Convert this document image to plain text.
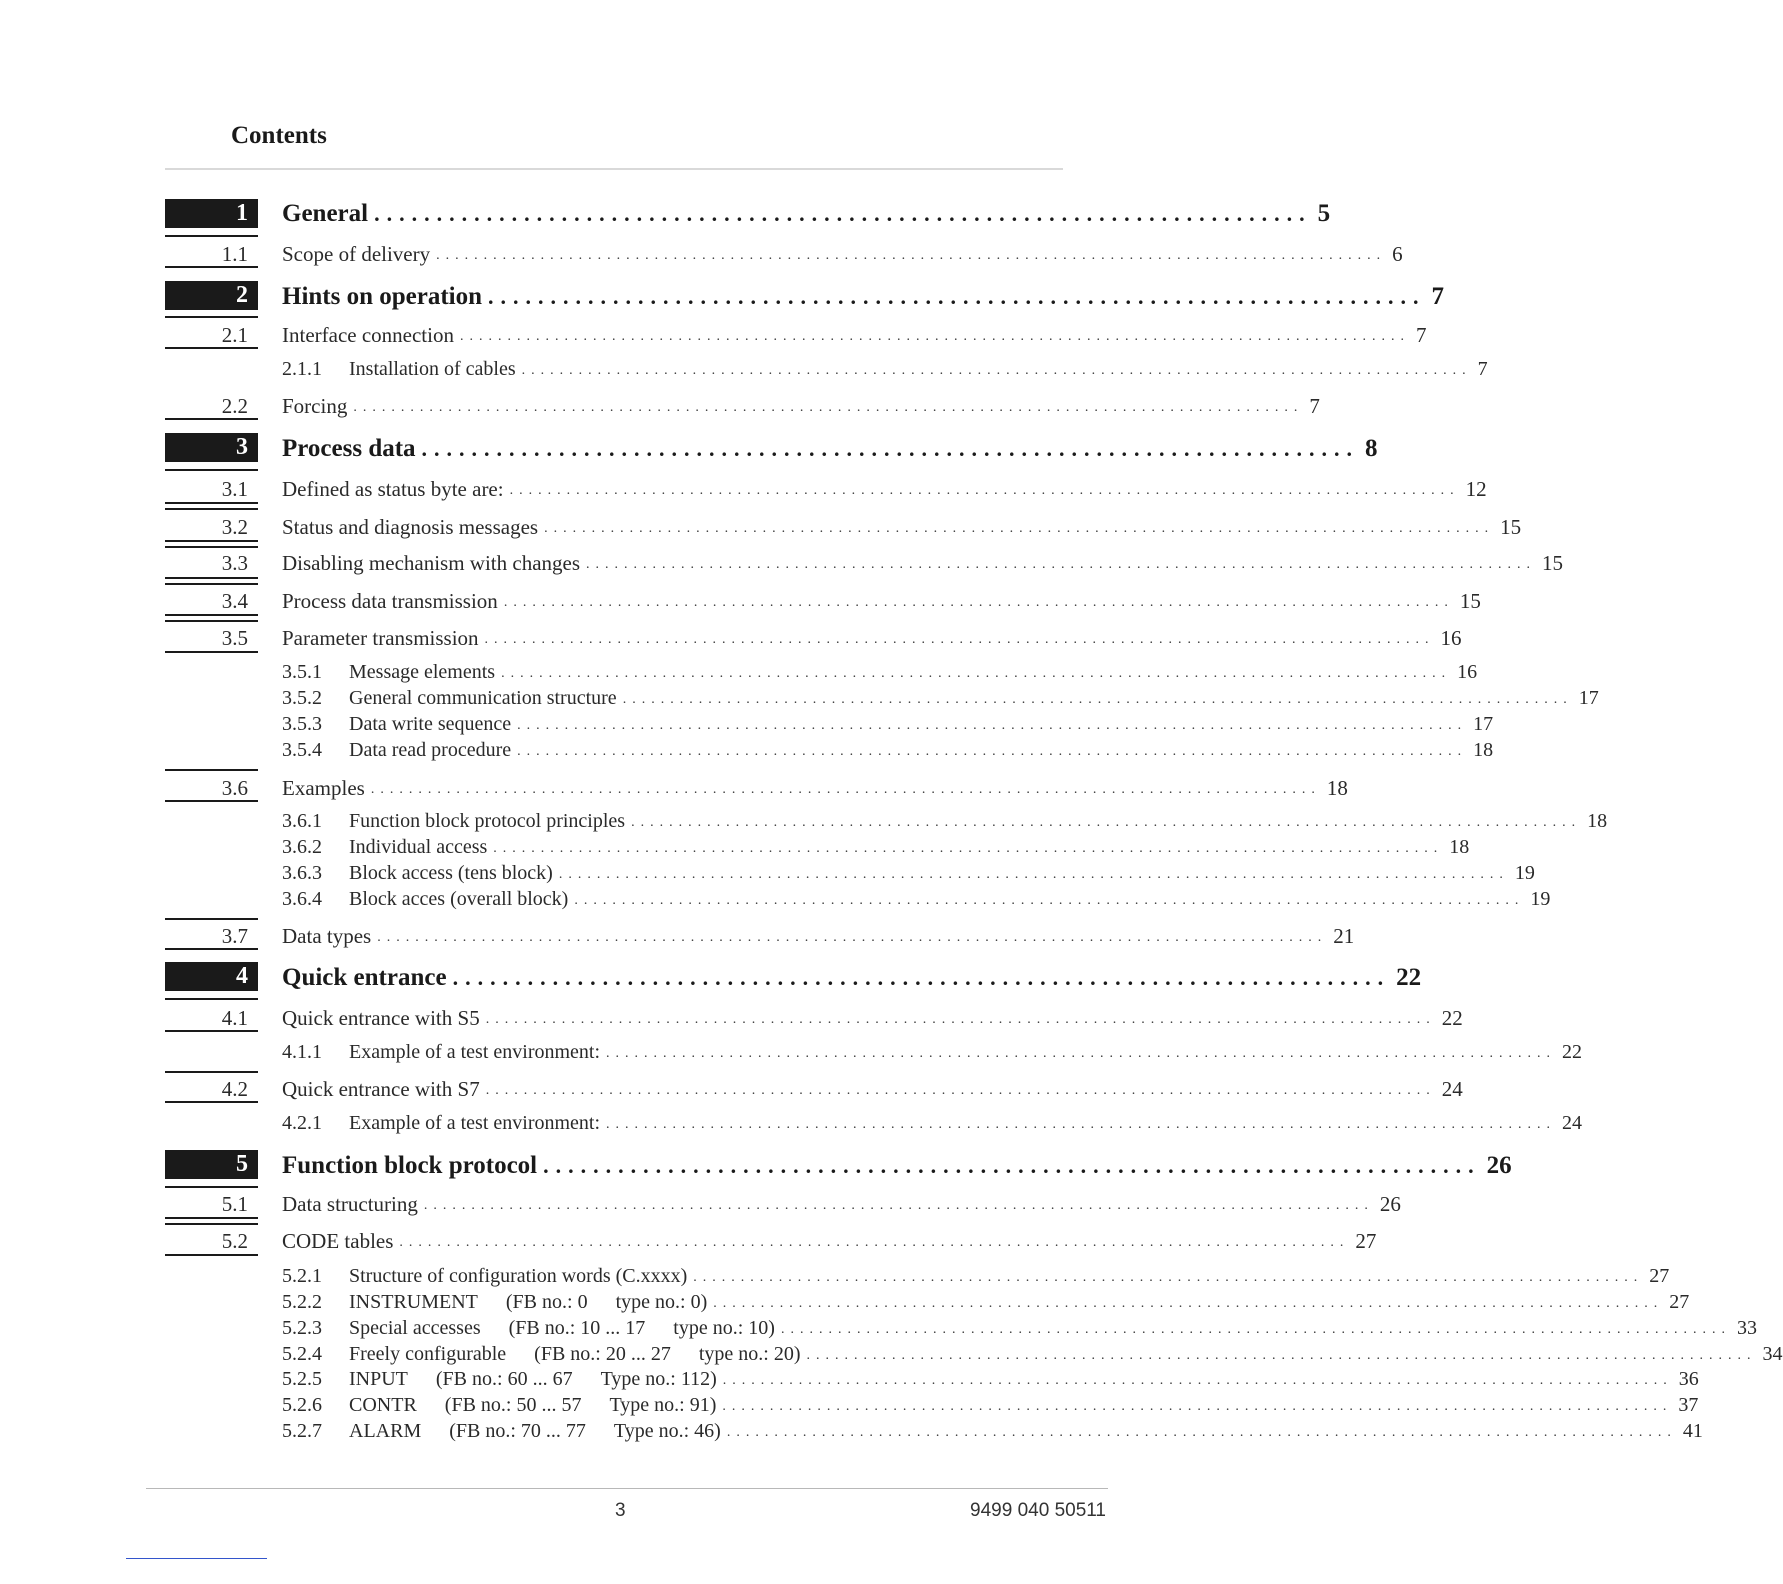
Contents
1	General ........................................................................... 5
1.1 Scope of delivery .................................................................................................... 6
2	Hints on operation ........................................................................... 7
2.1 Interface connection .................................................................................................... 7
2.1.1 Installation of cables .................................................................................................... 7
2.2 Forcing .................................................................................................... 7
3	Process data ........................................................................... 8
3.1 Defined as status byte are: .................................................................................................... 12
3.2 Status and diagnosis messages .................................................................................................... 15
3.3 Disabling mechanism with changes .................................................................................................... 15
3.4 Process data transmission .................................................................................................... 15
3.5 Parameter transmission .................................................................................................... 16
3.5.1 Message elements .................................................................................................... 16
3.5.2 General communication structure .................................................................................................... 17
3.5.3 Data write sequence .................................................................................................... 17
3.5.4 Data read procedure .................................................................................................... 18
3.6 Examples .................................................................................................... 18
3.6.1 Function block protocol principles .................................................................................................... 18
3.6.2 Individual access .................................................................................................... 18
3.6.3 Block access (tens block) .................................................................................................... 19
3.6.4 Block acces (overall block) .................................................................................................... 19
3.7 Data types .................................................................................................... 21
4	Quick entrance ........................................................................... 22
4.1 Quick entrance with S5 .................................................................................................... 22
4.1.1 Example of a test environment: .................................................................................................... 22
4.2 Quick entrance with S7 .................................................................................................... 24
4.2.1 Example of a test environment: .................................................................................................... 24
5	Function block protocol ........................................................................... 26
5.1 Data structuring .................................................................................................... 26
5.2 CODE tables .................................................................................................... 27
5.2.1 Structure of configuration words (C.xxxx) .................................................................................................... 27
5.2.2 INSTRUMENT (FB no.: 0 type no.: 0) .................................................................................................... 27
5.2.3 Special accesses (FB no.: 10 ... 17 type no.: 10) .................................................................................................... 33
5.2.4 Freely configurable (FB no.: 20 ... 27 type no.: 20) .................................................................................................... 34
5.2.5 INPUT (FB no.: 60 ... 67 Type no.: 112) .................................................................................................... 36
5.2.6 CONTR (FB no.: 50 ... 57 Type no.: 91) .................................................................................................... 37
5.2.7 ALARM (FB no.: 70 ... 77 Type no.: 46) .................................................................................................... 41
3	9499 040 50511
